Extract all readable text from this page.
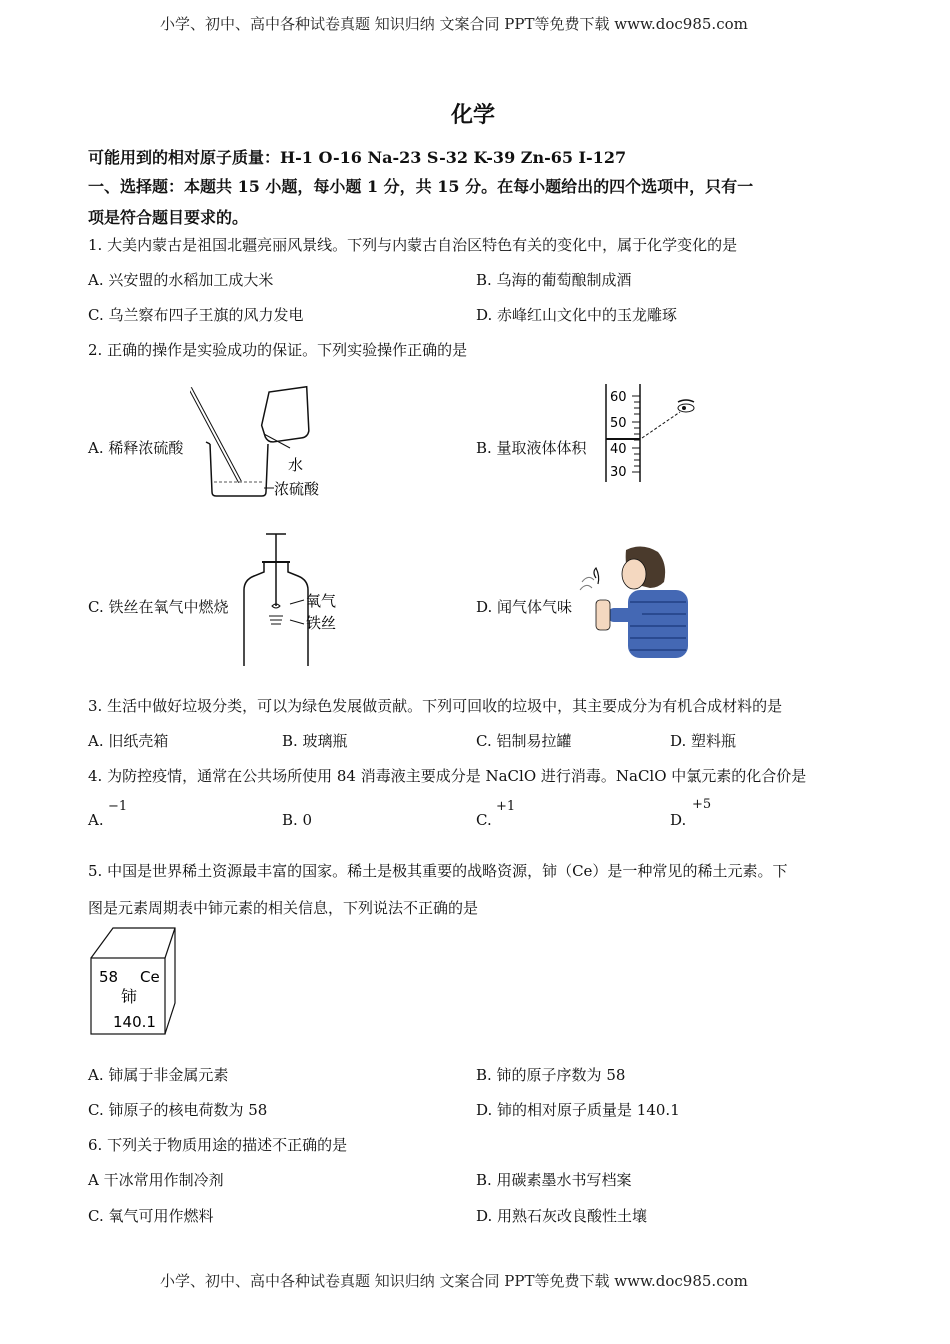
小学、初中、高中各种试卷真题 知识归纳 文案合同 PPT等免费下载 www.doc985.com
小学、初中、高中各种试卷真题 知识归纳 文案合同 PPT等免费下载 www.doc985.com
化学
可能用到的相对原子质量：H-1 O-16 Na-23 S-32 K-39 Zn-65 I-127
一、选择题：本题共 15 小题，每小题 1 分，共 15 分。在每小题给出的四个选项中，只有一
项是符合题目要求的。
1. 大美内蒙古是祖国北疆亮丽风景线。下列与内蒙古自治区特色有关的变化中，属于化学变化的是
A. 兴安盟的水稻加工成大米	B. 乌海的葡萄酿制成酒
C. 乌兰察布四子王旗的风力发电	D. 赤峰红山文化中的玉龙雕琢
2. 正确的操作是实验成功的保证。下列实验操作正确的是
A. 稀释浓硫酸	B. 量取液体体积
C. 铁丝在氧气中燃烧	D. 闻气体气味
水
浓硫酸
60
50
40
30
氧气
铁丝
3. 生活中做好垃圾分类，可以为绿色发展做贡献。下列可回收的垃圾中，其主要成分为有机合成材料的是
A. 旧纸壳箱	B. 玻璃瓶	C. 铝制易拉罐	D. 塑料瓶
4. 为防控疫情，通常在公共场所使用 84 消毒液主要成分是 NaClO 进行消毒。NaClO 中氯元素的化合价是
A.
−1
B. 0	C.
+1
D.
+5
5. 中国是世界稀土资源最丰富的国家。稀土是极其重要的战略资源，铈（Ce）是一种常见的稀土元素。下
图是元素周期表中铈元素的相关信息，下列说法不正确的是
58 Ce
铈
140.1
A. 铈属于非金属元素	B. 铈的原子序数为 58
C. 铈原子的核电荷数为 58	D. 铈的相对原子质量是 140.1
6. 下列关于物质用途的描述不正确的是
A 干冰常用作制冷剂	B. 用碳素墨水书写档案
C. 氧气可用作燃料	D. 用熟石灰改良酸性土壤
